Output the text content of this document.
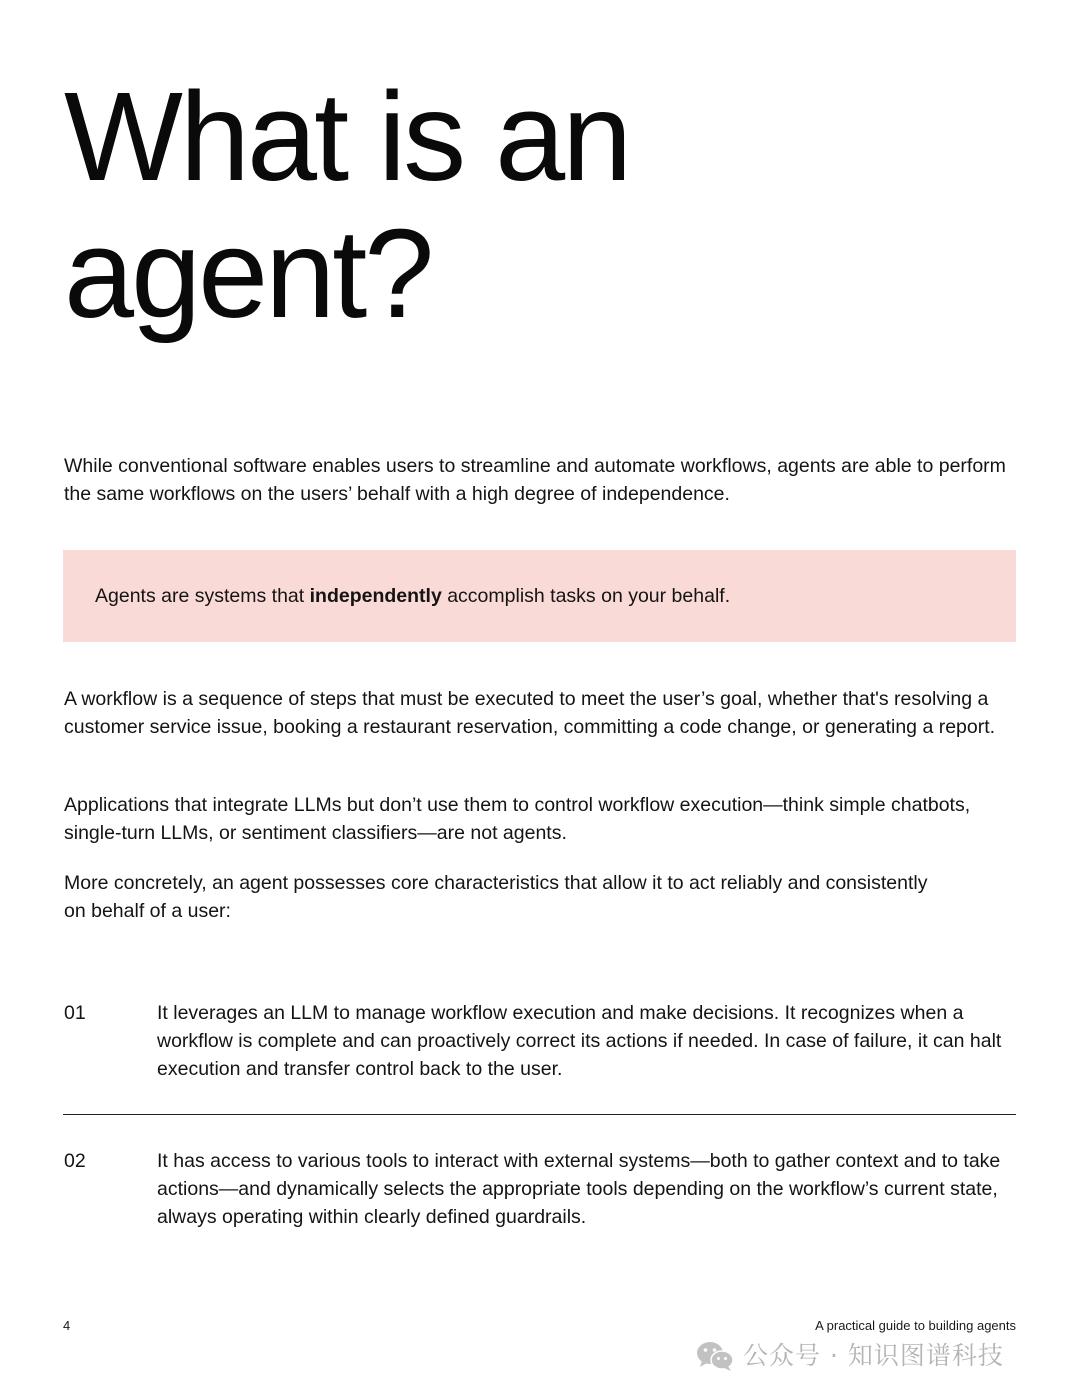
What is an
agent?

While conventional software enables users to streamline and automate workflows, agents are able to perform the same workflows on the users’ behalf with a high degree of independence.

Agents are systems that independently accomplish tasks on your behalf.

A workflow is a sequence of steps that must be executed to meet the user’s goal, whether that's resolving a customer service issue, booking a restaurant reservation, committing a code change, or generating a report.

Applications that integrate LLMs but don’t use them to control workflow execution—think simple chatbots, single-turn LLMs, or sentiment classifiers—are not agents.

More concretely, an agent possesses core characteristics that allow it to act reliably and consistently on behalf of a user:

01	It leverages an LLM to manage workflow execution and make decisions. It recognizes when a workflow is complete and can proactively correct its actions if needed. In case of failure, it can halt execution and transfer control back to the user.

02	It has access to various tools to interact with external systems—both to gather context and to take actions—and dynamically selects the appropriate tools depending on the workflow’s current state, always operating within clearly defined guardrails.

4	A practical guide to building agents
公众号 · 知识图谱科技
